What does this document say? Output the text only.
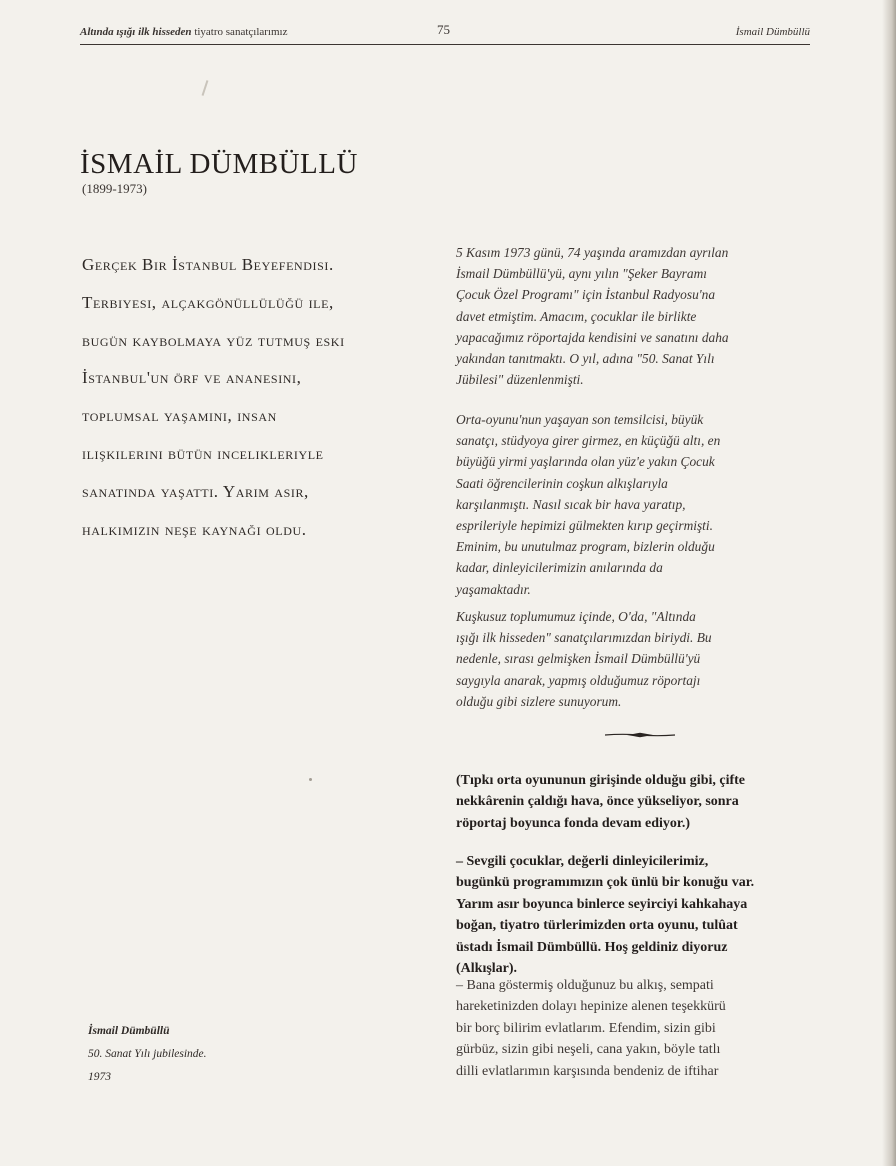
Altında ışığı ilk hisseden tiyatro sanatçılarımız	75	İsmail Dümbüllü
İSMAİL DÜMBÜLLÜ
(1899-1973)
Gerçek Bir İstanbul Beyefendisi.
Terbiyesi, alçakgönüllülüğü ile,
bugün kaybolmaya yüz tutmuş eski
İstanbul'un örf ve ananesini,
toplumsal yaşamını, insan
ilişkilerini bütün inceliklerıyle
sanatında yaşattı. Yarım asır,
halkımızın neşe kaynağı oldu.
5 Kasım 1973 günü, 74 yaşında aramızdan ayrılan
İsmail Dümbüllü'yü, aynı yılın "Şeker Bayramı
Çocuk Özel Programı" için İstanbul Radyosu'na
davet etmiştim. Amacım, çocuklar ile birlikte
yapacağımız röportajda kendisini ve sanatını daha
yakından tanıtmaktı. O yıl, adına "50. Sanat Yılı
Jübilesi" düzenlenmişti.
Orta-oyunu'nun yaşayan son temsilcisi, büyük
sanatçı, stüdyoya girer girmez, en küçüğü altı, en
büyüğü yirmi yaşlarında olan yüz'e yakın Çocuk
Saati öğrencilerinin coşkun alkışlarıyla
karşılanmıştı. Nasıl sıcak bir hava yaratıp,
esprileriyle hepimizi gülmekten kırıp geçirmişti.
Eminim, bu unutulmaz program, bizlerin olduğu
kadar, dinleyicilerimizin anılarında da
yaşamaktadır.
Kuşkusuz toplumumuz içinde, O'da, "Altında
ışığı ilk hisseden" sanatçılarımızdan biriydi. Bu
nedenle, sırası gelmişken İsmail Dümbüllü'yü
saygıyla anarak, yapmış olduğumuz röportajı
olduğu gibi sizlere sunuyorum.
(Tıpkı orta oyununun girişinde olduğu gibi, çifte
nekkârenin çaldığı hava, önce yükseliyor, sonra
röportaj boyunca fonda devam ediyor.)
– Sevgili çocuklar, değerli dinleyicilerimiz,
bugünkü programımızın çok ünlü bir konuğu var.
Yarım asır boyunca binlerce seyirciyi kahkahaya
boğan, tiyatro türlerimizden orta oyunu, tulûat
üstadı İsmail Dümbüllü. Hoş geldiniz diyoruz
(Alkışlar).
– Bana göstermiş olduğunuz bu alkış, sempati
hareketinizden dolayı hepinize alenen teşekkürü
bir borç bilirim evlatlarım. Efendim, sizin gibi
gürbüz, sizin gibi neşeli, cana yakın, böyle tatlı
dilli evlatlarımın karşısında bendeniz de iftihar
İsmail Dümbüllü
50. Sanat Yılı jubilesinde.
1973
